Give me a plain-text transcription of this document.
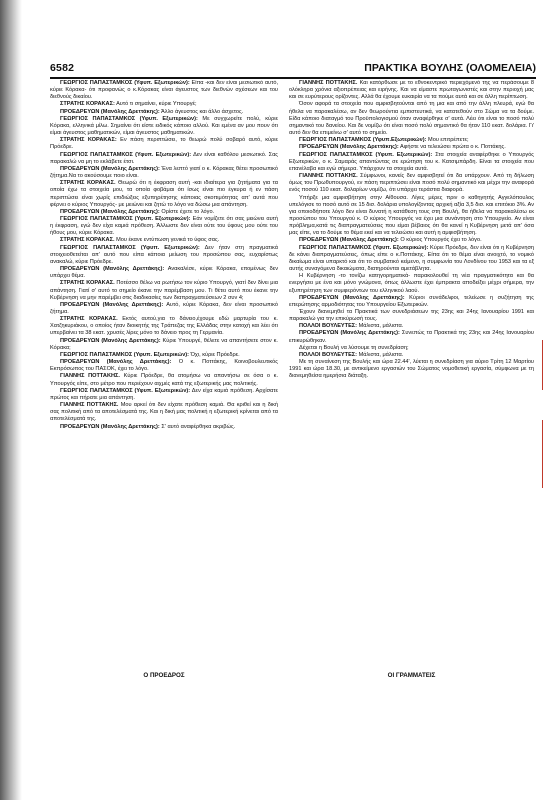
6582	ΠΡΑΚΤΙΚΑ ΒΟΥΛΗΣ (ΟΛΟΜΕΛΕΙΑ)

ΓΕΩΡΓΙΟΣ ΠΑΠΑΣΤΑΜΚΟΣ (Υφυπ. Εξωτερικών): Είπα -και δεν είναι μεσιωτικό αυτό, κύριε Κόρακα- ότι προφανώς ο κ.Κόρακας είναι άγευστος των διεθνών σχέσεων και του διεθνούς δικαίου.

ΣΤΡΑΤΗΣ ΚΟΡΑΚΑΣ: Αυτό τι σημαίνει, κύριε Υπουργέ;

ΠΡΟΕΔΡΕΥΩΝ (Μανόλης Δρεττάκης): Άλλο άγευστος και άλλο άσχετος.

ΓΕΩΡΓΙΟΣ ΠΑΠΑΣΤΑΜΚΟΣ (Υφυπ. Εξωτερικών): Με συγχωρείτε πολύ, κύριε Κόρακα, ελληνικά μίλω. Σημαίνει ότι είστε ειδικός κάποιο αλλού. Και εμένα αν μου πουν ότι είμαι άγευστος μαθηματικών, είμαι άγευστος μαθηματικών.

ΣΤΡΑΤΗΣ ΚΟΡΑΚΑΣ: Εν πάση περιπτώσει, το θεωρώ πολύ σοβαρό αυτό, κύριε Πρόεδρε.

ΓΕΩΡΓΙΟΣ ΠΑΠΑΣΤΑΜΚΟΣ (Υφυπ. Εξωτερικών): Δεν είναι καθόλου μεσιωτικό. Σας παρακαλώ να μη το εκλάβετε έτσι.

ΠΡΟΕΔΡΕΥΩΝ (Μανόλης Δρεττάκης): Ένα λεπτό γιατί ο κ. Κόρακας θέτει προσωπικό ζήτημα.Να το ακούσουμε ποιο είναι.

ΣΤΡΑΤΗΣ ΚΟΡΑΚΑΣ. Θεωρώ ότι η έκφραση αυτή -και ιδιαίτερα για ζητήματα για τα οποία έχω τα στοιχεία μου, τα οποία φοβάμαι ότι ίσως είναι πιο έγκυρα ή εν πάση περιπτώσει είναι χωρίς επιδιώξεις εξυπηρέτησης κάποιας σκοπιμότητας απ' αυτά που φέρνει ο κύριος Υπουργός- με μειώνει και ζητώ το λόγο να δώσω μια απάντηση.

ΠΡΟΕΔΡΕΥΩΝ (Μανόλης Δρεττάκης): Ορίστε έχετε το λόγο.

ΓΕΩΡΓΙΟΣ ΠΑΠΑΣΤΑΜΚΟΣ (Υφυπ. Εξωτερικών): Εάν νομίζετε ότι σας μειώνει αυτή η έκφραση, εγώ δεν είχα καμιά πρόθεση. Άλλωστε δεν είναι ούτε του ύφους μου ούτε του ήθους μου, κύριε Κόρακα.

ΣΤΡΑΤΗΣ ΚΟΡΑΚΑΣ. Μου έκανε εντύπωση γενικά το ύφος σας.

ΓΕΩΡΓΙΟΣ ΠΑΠΑΣΤΑΜΚΟΣ (Υφυπ. Εξωτερικών): Δεν ήταν στη πραγματικά στοιχειοθετείται απ' αυτό που είπα κάποια μείωση του προσώπου σας, ευχαρίστως ανακαλώ, κύριε Πρόεδρε.

ΠΡΟΕΔΡΕΥΩΝ (Μανόλης Δρεττάκης): Ανακαλέσε, κύριε Κόρακα, επομένως δεν υπάρχει θέμα.

ΣΤΡΑΤΗΣ ΚΟΡΑΚΑΣ. Ποτέσσο θέλω να ρωτήσω τον κύριο Υπουργό, γιατί δεν δίνει μια απάντηση. Γιατί σ' αυτό το σημείο έκανε την παρέμβαση μου. Τι θέτει αυτό που έκανε την Κυβέρνηση να μην παρέμβει στις διαδικασίες των διαπραγματεύσεων 2 συν 4;

ΠΡΟΕΔΡΕΥΩΝ (Μανόλης Δρεττάκης): Αυτό, κύριε Κόρακα, δεν είναι προσωπικό ζήτημα.

ΣΤΡΑΤΗΣ ΚΟΡΑΚΑΣ. Εκτός αυτού,για το δάνειο,έχουμε εδώ μαρτυρία του κ. Χατζηκυριάκου, ο οποίος ήταν διοικητής της Τράπεζας της Ελλάδας στην κατοχή και λέει ότι υπερβαίνει τα 38 εκατ. χρυσές λίρες μόνο το δάνειο προς τη Γερμανία.

ΠΡΟΕΔΡΕΥΩΝ (Μανόλης Δρεττάκης): Κύριε Υπουργέ, θέλετε να απαντήσετε στον κ. Κόρακα;

ΓΕΩΡΓΙΟΣ ΠΑΠΑΣΤΑΜΚΟΣ (Υφυπ. Εξωτερικών): Όχι, κύριε Πρόεδρε.

ΠΡΟΕΔΡΕΥΩΝ (Μανόλης Δρεττάκης): Ο κ. Ποττάκης, Κοινοβουλευτικός Εκπρόσωπος του ΠΑΣΟΚ, έχει το λόγο.

ΓΙΑΝΝΗΣ ΠΟΤΤΑΚΗΣ. Κύριε Πρόεδρε, θα ατομήσω να απαντήσω σε όσα ο κ. Υπουργός είπε, στο μέτρο που περιέχουν αιχμές κατά της εξωτερικής μας πολιτικής.

ΓΕΩΡΓΙΟΣ ΠΑΠΑΣΤΑΜΚΟΣ (Υφυπ. Εξωτερικών): Δεν είχα καμιά πρόθεση. Αρχίσατε πρώτος και πήρατε μια απάντηση.

ΓΙΑΝΝΗΣ ΠΟΤΤΑΚΗΣ. Μου αρκεί ότι δεν είχατε πρόθεση καμιά. Θα κριθεί και η δική σας πολιτική από τα αποτελέσματά της. Και η δική μας πολιτική η εξωτερική κρίνεται από τα αποτελέσματά της.

ΠΡΟΕΔΡΕΥΩΝ (Μανόλης Δρεττάκης): Σ' αυτό αναφέρθηκα ακριβώς.

ΓΙΑΝΝΗΣ ΠΟΤΤΑΚΗΣ. Και κατόρθωσε με το εθνοκεντρικό περιεχόμενό της να περάσουμε 8 ολόκληρα χρόνια αξιοπρέπειας και ειρήνης. Και να είμαστε πρωταγωνιστές και στην περιοχή μας και σε ευρύτερους ορίζοντες. Αλλά θα έχουμε ευκαιρία να τα πούμε αυτά και σε άλλη περίπτωση.

Όσον αφορά τα στοιχεία που αμφισβητούνται από τη μια και από την άλλη πλευρά, εγώ θα ήθελα να παρακαλέσω, αν δεν θεωρούντια εμπιστευτικά, να κατατεθούν στο Σώμα να τα δούμε. Είδα κάποιο διαταγμό του Προϋπολογισμού όταν αναφέρθηκε σ' αυτά. Λέει ότι είναι το ποσό πολύ σημαντικό του δανείου. Και δε νομίζω ότι είναι ποσό πολύ σημαντικό θα ήταν 110 εκατ. δολάρια. Γι' αυτό δεν θα επιμείνω σ' αυτό το σημείο.

ΓΕΩΡΓΙΟΣ ΠΑΠΑΣΤΑΜΚΟΣ (Υφυπ.Εξωτερικών): Μου επιτρέπετε;

ΠΡΟΕΔΡΕΥΩΝ (Μανόλης Δρεττάκης): Αφήστε να τελειώσει πρώτα ο κ. Ποττάκης.

ΓΕΩΡΓΙΟΣ ΠΑΠΑΣΤΑΜΚΟΣ (Υφυπ. Εξωτερικών): Στα στοιχεία αναφέρθηκε ο Υπουργός Εξωτερικών, ο κ. Σαμαράς απαντώντας σε ερώτηση του κ. Κατσιμπάρδη. Είναι τα στοιχεία που επανέλαβα και εγώ σήμερα. Υπάρχουν τα στοιχεία αυτά.

ΓΙΑΝΝΗΣ ΠΟΤΤΑΚΗΣ. Σύμφωνοι, κανείς δεν αμφισβητεί ότι δα υπάρχουν. Από τη δήλωση όμως του Πρωθυπουργού, εν πάση περιπτώσει είναι ποσό πολύ σημαντικό και μέχρι την αναφορά ενός ποσού 110 εκατ. δολαρίων νομίζω, ότι υπάρχει τεράστια διαφορά.

Υπήρξε μια αμφισβήτηση στην Αίθουσα. Λίγες μέρες πριν ο καθηγητής Αγγελόπουλος υπελόγισε το ποσό αυτό σε 15 δισ. δολάρια υπολογίζοντας αρχική αξία 3,5 δισ. και επιτόκιο 3%. Αν για οποιοδήποτε λόγο δεν είναι δυνατή η κατάθεση τους στη Βουλή, θα ήθελα να παρακαλέσω εκ προσώπου του Υπουργού κ. Ο κύριος Υπουργός να έχει μια συνάντηση στο Υπουργείο. Αν είναι πρόβλημα,κατά τις διαπραγματεύσεις που είμαι βέβαιος ότι θα κανεί η Κυβέρνηση μετά απ' όσα μας είπε, να το δούμε το θέμα εκεί και να τελειώσει και αυτή η αμφισβήτηση.

ΠΡΟΕΔΡΕΥΩΝ (Μανόλης Δρεττάκης): Ο κύριος Υπουργός έχει το λόγο.

ΓΕΩΡΓΙΟΣ ΠΑΠΑΣΤΑΜΚΟΣ (Υφυπ. Εξωτερικών): Κύριε Πρόεδρε, δεν είναι ότι η Κυβέρνηση δε κάνει διαπραγματεύσεις, όπως είπε ο κ.Ποττάκης. Είπα ότι το θέμα είναι ανοιχτό, το νομικό δικαίωμα είναι υπαρκτό και ότι το συμβατικό κείμενο, η συμφωνία του Λονδίνου του 1953 και τα εξ αυτής συναγόμενα δικαιώματα, διατηρούνται αμετάβλητα.

Η Κυβέρνηση -το τονίζω κατηγορηματικά- παρακολουθεί τη νέα πραγματικότητα και θα ενεργήσει με ένα και μόνο γνώμονα, όπως άλλωστε έχει έμπρακτα αποδείξει μέχρι σήμερα, την εξυπηρέτηση των συμφερόντων του ελληνικού λαού.

ΠΡΟΕΔΡΕΥΩΝ (Μανόλης Δρεττάκης): Κύριοι συνάδελφοι, τελείωσε η συζήτηση της επερώτησης αρμοδιότητας του Υπουργείου Εξωτερικών.

Έχουν διανεμηθεί τα Πρακτικά των συνεδριάσεων της 23ης και 24ης Ιανουαρίου 1991 και παρακαλώ για την επικύρωσή τους.

ΠΟΛΛΟΙ ΒΟΥΛΕΥΤΕΣ: Μάλιστα, μάλιστα.

ΠΡΟΕΔΡΕΥΩΝ (Μανόλης Δρεττάκης): Συνεπώς τα Πρακτικά της 23ης και 24ης Ιανουαρίου επικυρώθηκαν.

Δέχεται η Βουλή να λύσουμε τη συνεδρίαση;

ΠΟΛΛΟΙ ΒΟΥΛΕΥΤΕΣ: Μάλιστα, μάλιστα.

Με τη συναίνεση της Βουλής και ώρα 22.44', λύεται η συνεδρίαση για αύριο Τρίτη 12 Μαρτίου 1991 και ώρα 18.30, με αντικείμενο εργασιών του Σώματος νομοθετική εργασία, σύμφωνα με τη διανεμηθείσα ημερήσια διάταξη.

Ο ΠΡΟΕΔΡΟΣ	ΟΙ ΓΡΑΜΜΑΤΕΙΣ
